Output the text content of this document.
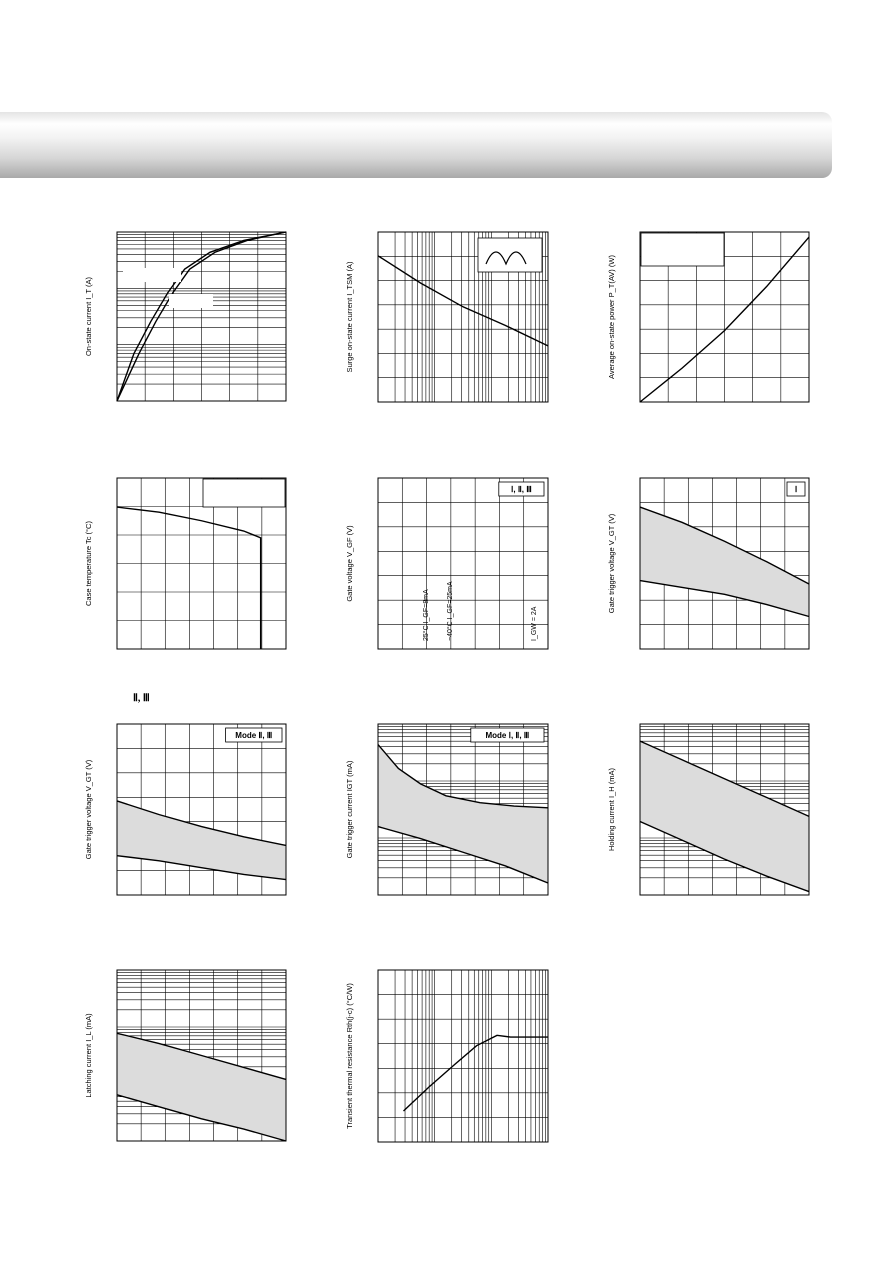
Ⅱ, Ⅲ
On-state current I_T (A)	Surge on-state current I_TSM (A)	Average on-state power P_T(AV) (W)
Case temperature Tc (°C)	Gate voltage V_GF (V)
Ⅰ, Ⅱ, Ⅲ
25°C I_GF=8mA −40°C I_GF=25mA	I_GW = 2A
Gate trigger voltage V_GT (V)
Ⅰ
Gate trigger voltage V_GT (V)
Mode Ⅱ, Ⅲ
Gate trigger current IGT (mA)
Mode Ⅰ, Ⅱ, Ⅲ
Holding current I_H (mA)
Latching current I_L (mA)	Transient thermal resistance Rth(j-c) (°C/W)
